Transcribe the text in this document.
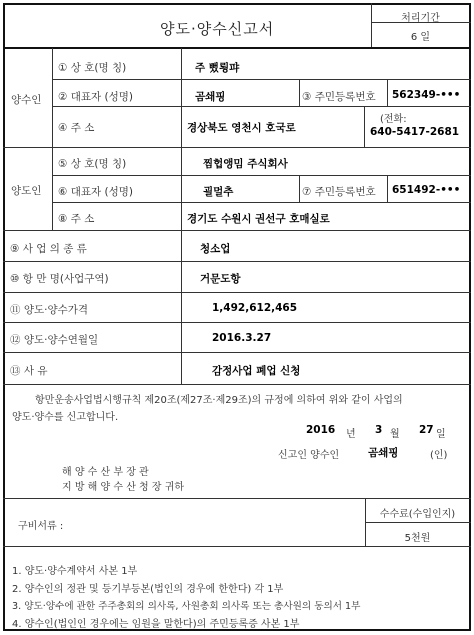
양도·양수신고서
처리기간
6 일
양수인
① 상 호(명 칭)	주 뻤룅퍄
② 대표자 (성명)	곰쇄핑	③ 주민등록번호 562349-•••
④ 주 소	경상북도 영천시 호국로
(전화:
640-5417-2681
양도인
⑤ 상 호(명 칭)	찜헙앵밈 주식회사
⑥ 대표자 (성명)	괼멀추	⑦ 주민등록번호 651492-•••
⑧ 주 소	경기도 수원시 권선구 호매실로
⑨ 사 업 의 종 류	청소업
⑩ 항 만 명(사업구역)	거문도항
⑪ 양도·양수가격	1,492,612,465
⑫ 양도·양수연월일	2016.3.27
⑬ 사 유	감정사업 폐업 신청
항만운송사업법시행규칙 제20조(제27조·제29조)의 규정에 의하여 위와 같이 사업의
양도·양수를 신고합니다.
2016 년 3 월 27 일
신고인 양수인	곰쇄핑	(인)
해 양 수 산 부 장 관
지 방 해 양 수 산 청 장 귀하
구비서류 :
수수료(수입인지)
5천원
1. 양도·양수계약서 사본 1부
2. 양수인의 정관 및 등기부등본(법인의 경우에 한한다) 각 1부
3. 양도·양수에 관한 주주총회의 의사록, 사원총회 의사록 또는 총사원의 동의서 1부
4. 양수인(법인인 경우에는 임원을 말한다)의 주민등록증 사본 1부
